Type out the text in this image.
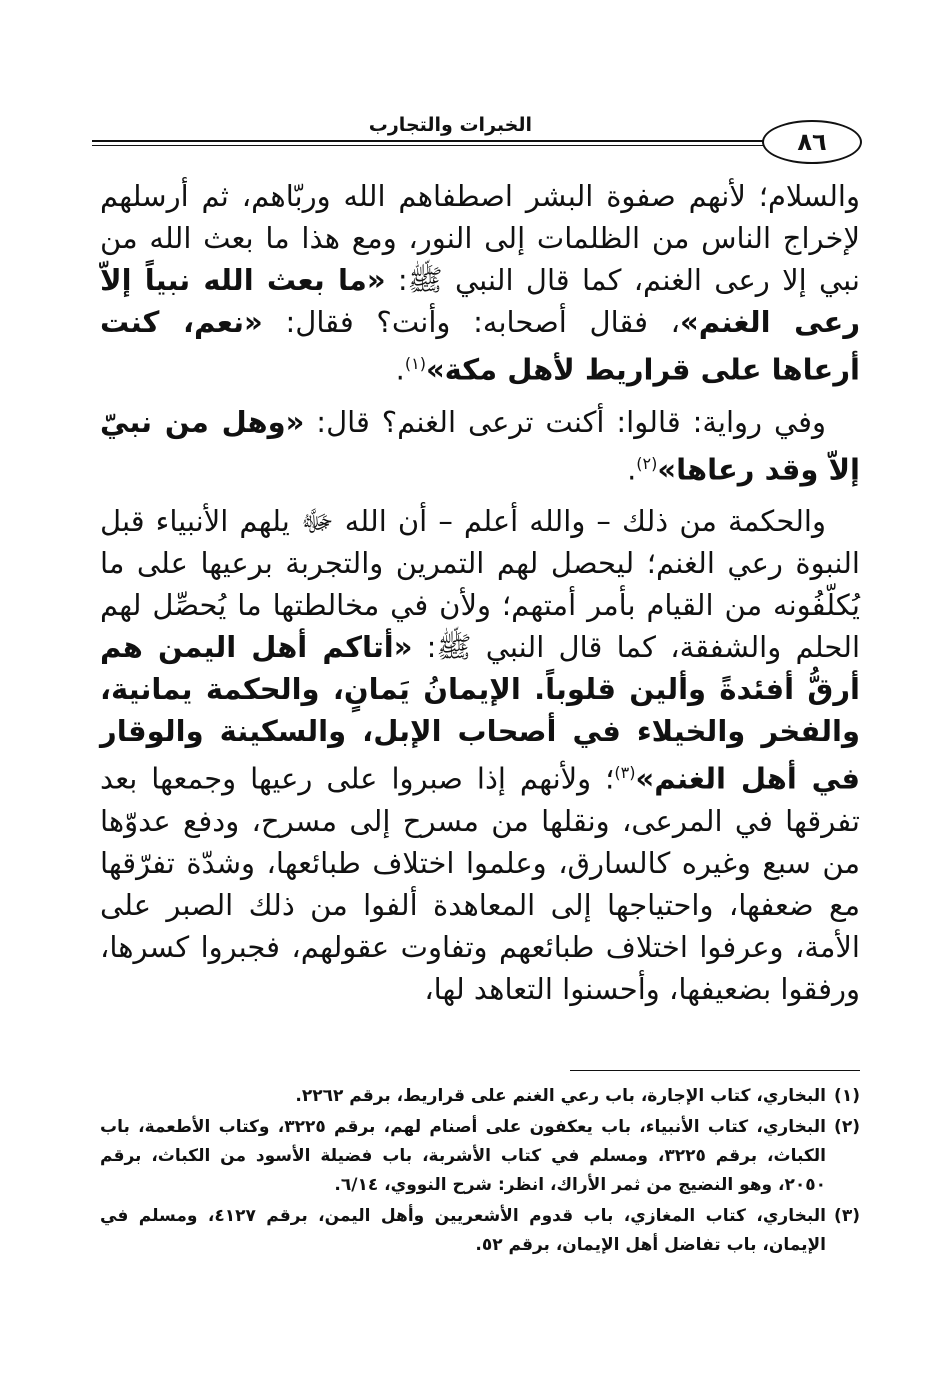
الخبرات والتجارب
٨٦

والسلام؛ لأنهم صفوة البشر اصطفاهم الله وربّاهم، ثم أرسلهم لإخراج الناس من الظلمات إلى النور، ومع هذا ما بعث الله من نبي إلا رعى الغنم، كما قال النبي ﷺ: «ما بعث الله نبياً إلاّ رعى الغنم»، فقال أصحابه: وأنت؟ فقال: «نعم، كنت أرعاها على قراريط لأهل مكة»$^{(١)}$.

وفي رواية: قالوا: أكنت ترعى الغنم؟ قال: «وهل من نبيّ إلاّ وقد رعاها»$^{(٢)}$.

والحكمة من ذلك – والله أعلم – أن الله ﷻ يلهم الأنبياء قبل النبوة رعي الغنم؛ ليحصل لهم التمرين والتجربة برعيها على ما يُكلّفُونه من القيام بأمر أمتهم؛ ولأن في مخالطتها ما يُحصِّل لهم الحلم والشفقة، كما قال النبي ﷺ: «أتاكم أهل اليمن هم أرقُّ أفئدةً وألين قلوباً. الإيمانُ يَمانٍ، والحكمة يمانية، والفخر والخيلاء في أصحاب الإبل، والسكينة والوقار في أهل الغنم»$^{(٣)}$؛ ولأنهم إذا صبروا على رعيها وجمعها بعد تفرقها في المرعى، ونقلها من مسرح إلى مسرح، ودفع عدوّها من سبع وغيره كالسارق، وعلموا اختلاف طبائعها، وشدّة تفرّقها مع ضعفها، واحتياجها إلى المعاهدة ألفوا من ذلك الصبر على الأمة، وعرفوا اختلاف طبائعهم وتفاوت عقولهم، فجبروا كسرها، ورفقوا بضعيفها، وأحسنوا التعاهد لها،

(١)
البخاري، كتاب الإجارة، باب رعي الغنم على قراريط، برقم ٢٢٦٢.
(٢)
البخاري، كتاب الأنبياء، باب يعكفون على أصنام لهم، برقم ٣٢٢٥، وكتاب الأطعمة، باب الكباث، برقم ٣٢٢٥، ومسلم في كتاب الأشربة، باب فضيلة الأسود من الكباث، برقم ٢٠٥٠، وهو النضيج من ثمر الأراك، انظر: شرح النووي، ٦/١٤.
(٣)
البخاري، كتاب المغازي، باب قدوم الأشعريين وأهل اليمن، برقم ٤١٢٧، ومسلم في الإيمان، باب تفاضل أهل الإيمان، برقم ٥٢.
